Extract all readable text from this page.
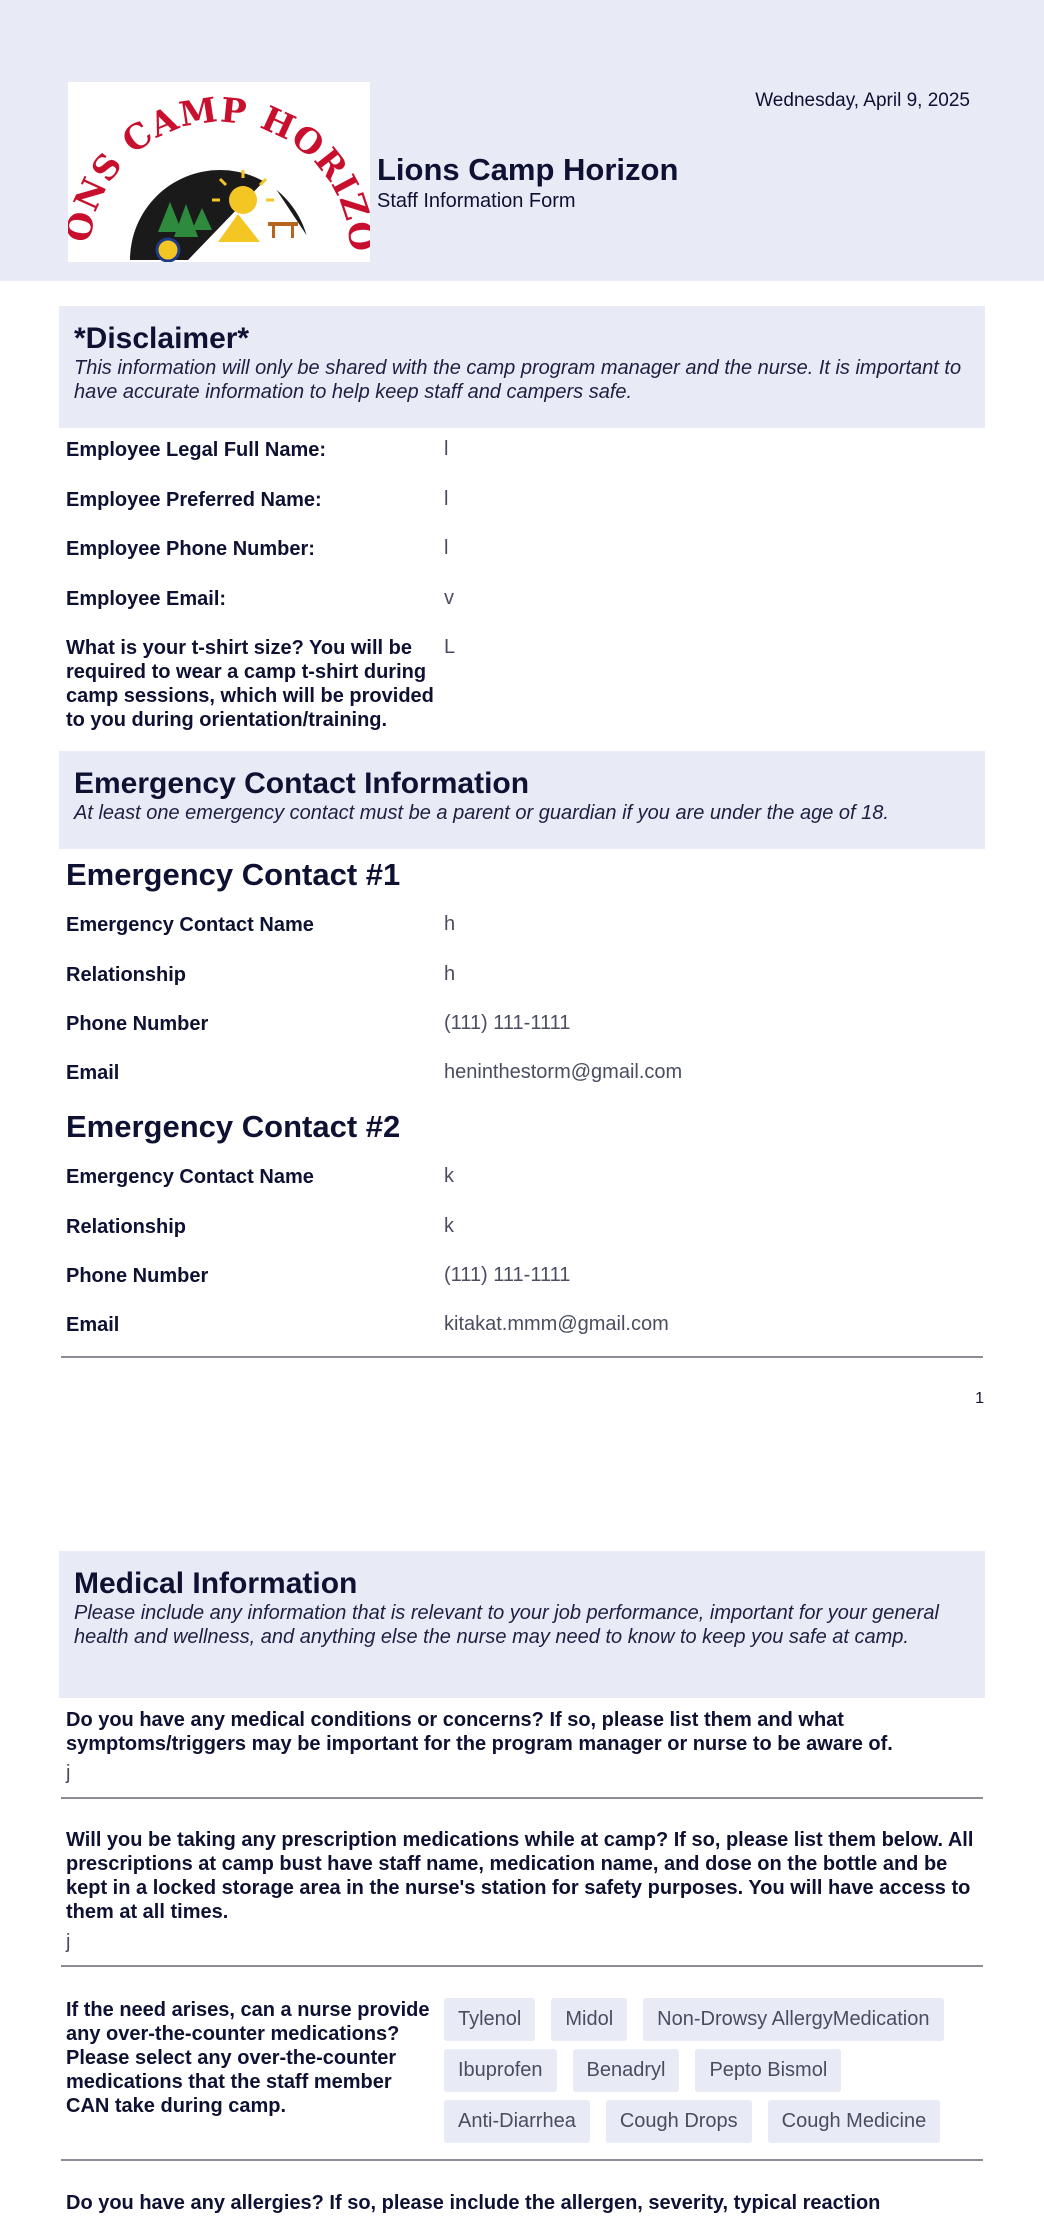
NS CAMP HORI Lions Camp Horizon
Staff Information Form
Wednesday, April 9, 2025
*Disclaimer*

This information will only be shared with the camp program manager and the nurse. It is important to have accurate information to help keep staff and campers safe.

Employee Legal Full Name:	l
Employee Preferred Name:	l
Employee Phone Number:	l
Employee Email:	v
What is your t-shirt size? You will be required to wear a camp t-shirt during camp sessions, which will be provided to you during orientation/training.
L
Emergency Contact Information

At least one emergency contact must be a parent or guardian if you are under the age of 18.

Emergency Contact #1
Emergency Contact Name	h
Relationship	h
Phone Number	(111) 111-1111
Email	heninthestorm@gmail.com
Emergency Contact #2
Emergency Contact Name	k
Relationship	k
Phone Number	(111) 111-1111
Email	kitakat.mmm@gmail.com
1
Medical Information

Please include any information that is relevant to your job performance, important for your general health and wellness, and anything else the nurse may need to know to keep you safe at camp.

Do you have any medical conditions or concerns? If so, please list them and what symptoms/triggers may be important for the program manager or nurse to be aware of.
j
Will you be taking any prescription medications while at camp? If so, please list them below. All prescriptions at camp bust have staff name, medication name, and dose on the bottle and be kept in a locked storage area in the nurse's station for safety purposes. You will have access to them at all times.
j
If the need arises, can a nurse provide any over-the-counter medications? Please select any over-the-counter medications that the staff member CAN take during camp.
Tylenol	Midol	Non-Drowsy AllergyMedication
Ibuprofen	Benadryl	Pepto Bismol
Anti-Diarrhea	Cough Drops	Cough Medicine
Do you have any allergies? If so, please include the allergen, severity, typical reaction
